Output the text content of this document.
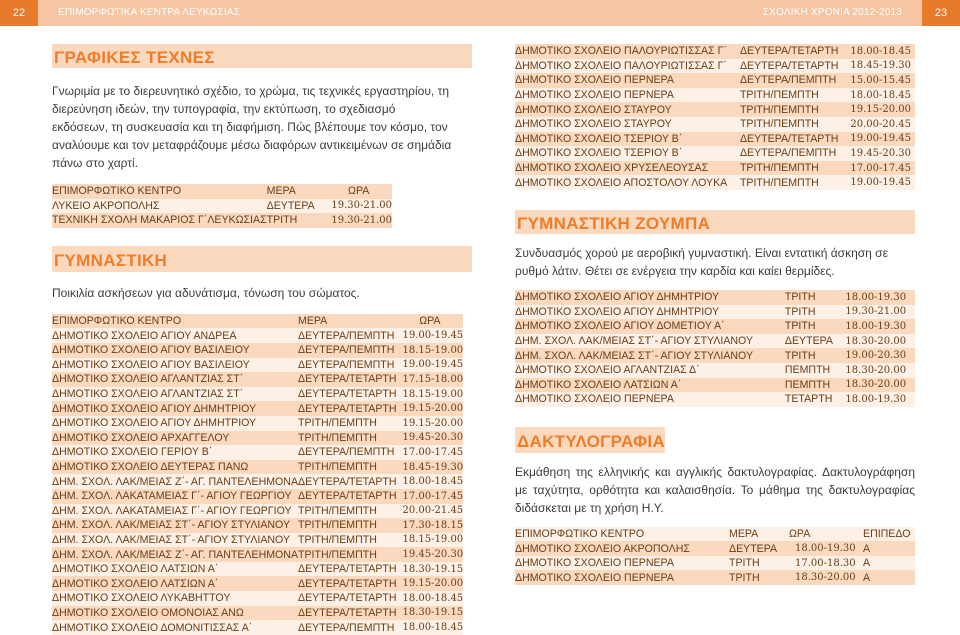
22	ΕΠΙΜΟΡΦΩΤΙΚΑ ΚΕΝΤΡΑ ΛΕΥΚΩΣΙΑΣ	ΣΧΟΛΙΚΗ ΧΡΟΝΙΑ 2012-2013	23
ΓΡΑΦΙΚΕΣ ΤΕΧΝΕΣ
Γνωριμία με το διερευνητικό σχέδιο, το χρώμα, τις τεχνικές εργαστηρίου, τη διερεύνηση ιδεών, την τυπογραφία, την εκτύπωση, το σχεδιασμό εκδόσεων, τη συσκευασία και τη διαφήμιση. Πώς βλέπουμε τον κόσμο, τον αναλύουμε και τον μεταφράζουμε μέσω διαφόρων αντικειμένων σε σημάδια πάνω στο χαρτί.
ΕΠΙΜΟΡΦΩΤΙΚΟ ΚΕΝΤΡΟ	ΜΕΡΑ	ΩΡΑ
ΛΥΚΕΙΟ ΑΚΡΟΠΟΛΗΣ	ΔΕΥΤΕΡΑ	19.30-21.00
ΤΕΧΝΙΚΗ ΣΧΟΛΗ ΜΑΚΑΡΙΟΣ Γ΄ΛΕΥΚΩΣΙΑΣ	ΤΡΙΤΗ	19.30-21.00
ΓΥΜΝΑΣΤΙΚΗ
Ποικιλία ασκήσεων για αδυνάτισμα, τόνωση του σώματος.
ΕΠΙΜΟΡΦΩΤΙΚΟ ΚΕΝΤΡΟ	ΜΕΡΑ	ΩΡΑ
ΔΗΜΟΤΙΚΟ ΣΧΟΛΕΙΟ ΑΓΙΟΥ ΑΝΔΡΕΑ	ΔΕΥΤΕΡΑ/ΠΕΜΠΤΗ	19.00-19.45
ΔΗΜΟΤΙΚΟ ΣΧΟΛΕΙΟ ΑΓΙΟΥ ΒΑΣΙΛΕΙΟΥ	ΔΕΥΤΕΡΑ/ΠΕΜΠΤΗ	18.15-19.00
ΔΗΜΟΤΙΚΟ ΣΧΟΛΕΙΟ ΑΓΙΟΥ ΒΑΣΙΛΕΙΟΥ	ΔΕΥΤΕΡΑ/ΠΕΜΠΤΗ	19.00-19.45
ΔΗΜΟΤΙΚΟ ΣΧΟΛΕΙΟ ΑΓΛΑΝΤΖΙΑΣ ΣΤ΄	ΔΕΥΤΕΡΑ/ΤΕΤΑΡΤΗ	17.15-18.00
ΔΗΜΟΤΙΚΟ ΣΧΟΛΕΙΟ ΑΓΛΑΝΤΖΙΑΣ ΣΤ΄	ΔΕΥΤΕΡΑ/ΤΕΤΑΡΤΗ	18.15-19.00
ΔΗΜΟΤΙΚΟ ΣΧΟΛΕΙΟ ΑΓΙΟΥ ΔΗΜΗΤΡΙΟΥ	ΔΕΥΤΕΡΑ/ΤΕΤΑΡΤΗ	19.15-20.00
ΔΗΜΟΤΙΚΟ ΣΧΟΛΕΙΟ ΑΓΙΟΥ ΔΗΜΗΤΡΙΟΥ	ΤΡΙΤΗ/ΠΕΜΠΤΗ	19.15-20.00
ΔΗΜΟΤΙΚΟ ΣΧΟΛΕΙΟ ΑΡΧΑΓΓΕΛΟΥ	ΤΡΙΤΗ/ΠΕΜΠΤΗ	19.45-20.30
ΔΗΜΟΤΙΚΟ ΣΧΟΛΕΙΟ ΓΕΡΙΟΥ Β΄	ΔΕΥΤΕΡΑ/ΠΕΜΠΤΗ	17.00-17.45
ΔΗΜΟΤΙΚΟ ΣΧΟΛΕΙΟ ΔΕΥΤΕΡΑΣ ΠΑΝΩ	ΤΡΙΤΗ/ΠΕΜΠΤΗ	18.45-19.30
ΔΗΜ. ΣΧΟΛ. ΛΑΚ/ΜΕΙΑΣ Ζ΄- ΑΓ. ΠΑΝΤΕΛΕΗΜΟΝΑ	ΔΕΥΤΕΡΑ/ΤΕΤΑΡΤΗ	18.00-18.45
ΔΗΜ. ΣΧΟΛ. ΛΑΚΑΤΑΜΕΙΑΣ Γ΄- ΑΓΙΟΥ ΓΕΩΡΓΙΟΥ	ΔΕΥΤΕΡΑ/ΤΕΤΑΡΤΗ	17.00-17.45
ΔΗΜ. ΣΧΟΛ. ΛΑΚΑΤΑΜΕΙΑΣ Γ΄- ΑΓΙΟΥ ΓΕΩΡΓΙΟΥ	ΤΡΙΤΗ/ΠΕΜΠΤΗ	20.00-21.45
ΔΗΜ. ΣΧΟΛ. ΛΑΚ/ΜΕΙΑΣ ΣΤ΄- ΑΓΙΟΥ ΣΤΥΛΙΑΝΟΥ	ΤΡΙΤΗ/ΠΕΜΠΤΗ	17.30-18.15
ΔΗΜ. ΣΧΟΛ. ΛΑΚ/ΜΕΙΑΣ ΣΤ΄- ΑΓΙΟΥ ΣΤΥΛΙΑΝΟΥ	ΤΡΙΤΗ/ΠΕΜΠΤΗ	18.15-19.00
ΔΗΜ. ΣΧΟΛ. ΛΑΚ/ΜΕΙΑΣ Ζ΄- ΑΓ. ΠΑΝΤΕΛΕΗΜΟΝΑ	ΤΡΙΤΗ/ΠΕΜΠΤΗ	19.45-20.30
ΔΗΜΟΤΙΚΟ ΣΧΟΛΕΙΟ ΛΑΤΣΙΩΝ Α΄	ΔΕΥΤΕΡΑ/ΤΕΤΑΡΤΗ	18.30-19.15
ΔΗΜΟΤΙΚΟ ΣΧΟΛΕΙΟ ΛΑΤΣΙΩΝ Α΄	ΔΕΥΤΕΡΑ/ΤΕΤΑΡΤΗ	19.15-20.00
ΔΗΜΟΤΙΚΟ ΣΧΟΛΕΙΟ ΛΥΚΑΒΗΤΤΟΥ	ΔΕΥΤΕΡΑ/ΤΕΤΑΡΤΗ	18.00-18.45
ΔΗΜΟΤΙΚΟ ΣΧΟΛΕΙΟ ΟΜΟΝΟΙΑΣ ΑΝΩ	ΔΕΥΤΕΡΑ/ΤΕΤΑΡΤΗ	18.30-19.15
ΔΗΜΟΤΙΚΟ ΣΧΟΛΕΙΟ ΔΟΜΟΝΙΤΙΣΣΑΣ Α΄	ΔΕΥΤΕΡΑ/ΠΕΜΠΤΗ	18.00-18.45
ΔΗΜΟΤΙΚΟ ΣΧΟΛΕΙΟ ΠΑΛΟΥΡΙΩΤΙΣΣΑΣ Γ΄	ΔΕΥΤΕΡΑ/ΤΕΤΑΡΤΗ	18.00-18.45
ΔΗΜΟΤΙΚΟ ΣΧΟΛΕΙΟ ΠΑΛΟΥΡΙΩΤΙΣΣΑΣ Γ΄	ΔΕΥΤΕΡΑ/ΤΕΤΑΡΤΗ	18.45-19.30
ΔΗΜΟΤΙΚΟ ΣΧΟΛΕΙΟ ΠΕΡΝΕΡΑ	ΔΕΥΤΕΡΑ/ΠΕΜΠΤΗ	15.00-15.45
ΔΗΜΟΤΙΚΟ ΣΧΟΛΕΙΟ ΠΕΡΝΕΡΑ	ΤΡΙΤΗ/ΠΕΜΠΤΗ	18.00-18.45
ΔΗΜΟΤΙΚΟ ΣΧΟΛΕΙΟ ΣΤΑΥΡΟΥ	ΤΡΙΤΗ/ΠΕΜΠΤΗ	19.15-20.00
ΔΗΜΟΤΙΚΟ ΣΧΟΛΕΙΟ ΣΤΑΥΡΟΥ	ΤΡΙΤΗ/ΠΕΜΠΤΗ	20.00-20.45
ΔΗΜΟΤΙΚΟ ΣΧΟΛΕΙΟ ΤΣΕΡΙΟΥ Β΄	ΔΕΥΤΕΡΑ/ΤΕΤΑΡΤΗ	19.00-19.45
ΔΗΜΟΤΙΚΟ ΣΧΟΛΕΙΟ ΤΣΕΡΙΟΥ Β΄	ΔΕΥΤΕΡΑ/ΠΕΜΠΤΗ	19.45-20.30
ΔΗΜΟΤΙΚΟ ΣΧΟΛΕΙΟ ΧΡΥΣΕΛΕΟΥΣΑΣ	ΤΡΙΤΗ/ΠΕΜΠΤΗ	17.00-17.45
ΔΗΜΟΤΙΚΟ ΣΧΟΛΕΙΟ ΑΠΟΣΤΟΛΟΥ ΛΟΥΚΑ	ΤΡΙΤΗ/ΠΕΜΠΤΗ	19.00-19.45
ΓΥΜΝΑΣΤΙΚΗ ΖΟΥΜΠΑ
Συνδυασμός χορού με αεροβική γυμναστική. Είναι εντατική άσκηση σε ρυθμό λάτιν. Θέτει σε ενέργεια την καρδία και καίει θερμίδες.
ΔΗΜΟΤΙΚΟ ΣΧΟΛΕΙΟ ΑΓΙΟΥ ΔΗΜΗΤΡΙΟΥ	ΤΡΙΤΗ	18.00-19.30
ΔΗΜΟΤΙΚΟ ΣΧΟΛΕΙΟ ΑΓΙΟΥ ΔΗΜΗΤΡΙΟΥ	ΤΡΙΤΗ	19.30-21.00
ΔΗΜΟΤΙΚΟ ΣΧΟΛΕΙΟ ΑΓΙΟΥ ΔΟΜΕΤΙΟΥ Α΄	ΤΡΙΤΗ	18.00-19.30
ΔΗΜ. ΣΧΟΛ. ΛΑΚ/ΜΕΙΑΣ ΣΤ΄- ΑΓΙΟΥ ΣΤΥΛΙΑΝΟΥ	ΔΕΥΤΕΡΑ	18.30-20.00
ΔΗΜ. ΣΧΟΛ. ΛΑΚ/ΜΕΙΑΣ ΣΤ΄- ΑΓΙΟΥ ΣΤΥΛΙΑΝΟΥ	ΤΡΙΤΗ	19.00-20.30
ΔΗΜΟΤΙΚΟ ΣΧΟΛΕΙΟ ΑΓΛΑΝΤΖΙΑΣ Δ΄	ΠΕΜΠΤΗ	18.30-20.00
ΔΗΜΟΤΙΚΟ ΣΧΟΛΕΙΟ ΛΑΤΣΙΩΝ Α΄	ΠΕΜΠΤΗ	18.30-20.00
ΔΗΜΟΤΙΚΟ ΣΧΟΛΕΙΟ ΠΕΡΝΕΡΑ	ΤΕΤΑΡΤΗ	18.00-19.30
ΔΑΚΤΥΛΟΓΡΑΦΙΑ
Εκμάθηση της ελληνικής και αγγλικής δακτυλογραφίας. Δακτυλογράφηση με ταχύτητα, ορθότητα και καλαισθησία. Το μάθημα της δακτυλογραφίας διδάσκεται με τη χρήση Η.Υ.
ΕΠΙΜΟΡΦΩΤΙΚΟ ΚΕΝΤΡΟ	ΜΕΡΑ	ΩΡΑ	ΕΠΙΠΕΔΟ
ΔΗΜΟΤΙΚΟ ΣΧΟΛΕΙΟ ΑΚΡΟΠΟΛΗΣ	ΔΕΥΤΕΡΑ	18.00-19.30	Α
ΔΗΜΟΤΙΚΟ ΣΧΟΛΕΙΟ ΠΕΡΝΕΡΑ	ΤΡΙΤΗ	17.00-18.30	Α
ΔΗΜΟΤΙΚΟ ΣΧΟΛΕΙΟ ΠΕΡΝΕΡΑ	ΤΡΙΤΗ	18.30-20.00	Α
